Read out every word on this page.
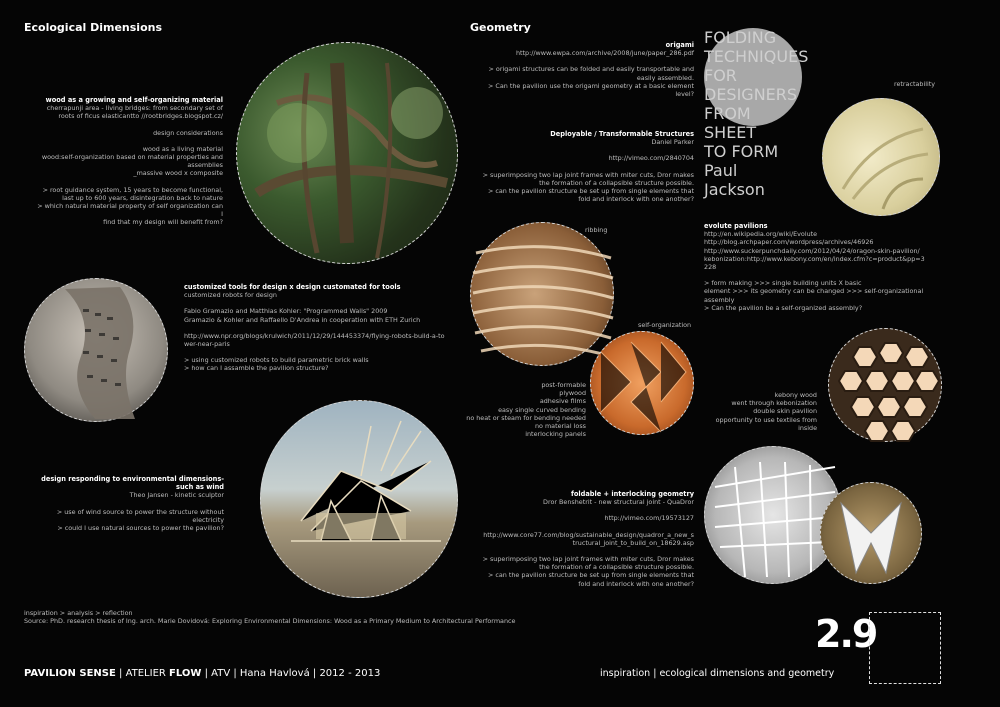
Ecological Dimensions	Geometry

wood as a growing and self-organizing material

cherrapunji area - living bridges: from secondary set of

roots of ficus elasticantto //rootbridges.blogspot.cz/

design considerations

wood as a living material

wood:self-organization based on material properties and

assemblies

_massive wood x composite

> root guidance system, 15 years to become functional,

last up to 600 years, disintegration back to nature

> which natural material property of self organization can I

find that my design will benefit from?

customized tools for design x design customated for tools

customized robots for design

Fabio Gramazio and Matthias Kohler: "Programmed Walls" 2009

Gramazio & Kohler and Raffaello D'Andrea in cooperation with ETH Zurich

http://www.npr.org/blogs/krulwich/2011/12/29/144453374/flying-robots-build-a-to

wer-near-paris

> using customized robots to build parametric brick walls

> how can I assamble the pavilion structure?

design responding to environmental dimensions-

such as wind

Theo Jansen - kinetic sculptor

> use of wind source to power the structure without

electricity

> could I use natural sources to power the pavilion?

inspiration > analysis > reflection

Source: PhD. research thesis of Ing. arch. Marie Dovidová: Exploring Environmental Dimensions: Wood as a Primary Medium to Architectural Performance

origami

http://www.ewpa.com/archive/2008/june/paper_286.pdf

> origami structures can be folded and easily transportable and

easily assembled.

> Can the pavilion use the origami geometry at a basic element

level?

Deployable / Transformable Structures

Daniel Parker

http://vimeo.com/2840704

> superimposing two lap joint frames with miter cuts, Dror makes

the formation of a collapsible structure possible.

> can the pavilion structure be set up from single elements that

fold and interlock with one another?

evolute pavilions

http://en.wikipedia.org/wiki/Evolute

http://blog.archpaper.com/wordpress/archives/46926

http://www.suckerpunchdaily.com/2012/04/24/oragon-skin-pavilion/

kebonization:http://www.kebony.com/en/index.cfm?c=product&pp=3

228

> form making >>> single building units X basic

element >>> its geometry can be changed >>> self-organizational

assembly

> Can the pavilion be a self-organized assembly?

post-formable

plywood

adhesive films

easy single curved bending

no heat or steam for bending needed

no material loss

interlocking panels

kebony wood

went through kebonization

double skin pavilion

opportunity to use textiles from

inside

foldable + interlocking geometry

Dror Benshetrit - new structural joint - QuaDror

http://vimeo.com/19573127

http://www.core77.com/blog/sustainable_design/quadror_a_new_s

tructural_joint_to_build_on_18629.asp

> superimposing two lap joint frames with miter cuts, Dror makes

the formation of a collapsible structure possible.

> can the pavilion structure be set up from single elements that

fold and interlock with one another?

retractability
ribbing
self-organization
FOLDING
TECHNIQUES
FOR
DESIGNERS
FROM SHEET
TO FORM
Paul Jackson
PAVILION SENSE | ATELIER FLOW | ATV | Hana Havlová | 2012 - 2013
2.9
inspiration | ecological dimensions and geometry
